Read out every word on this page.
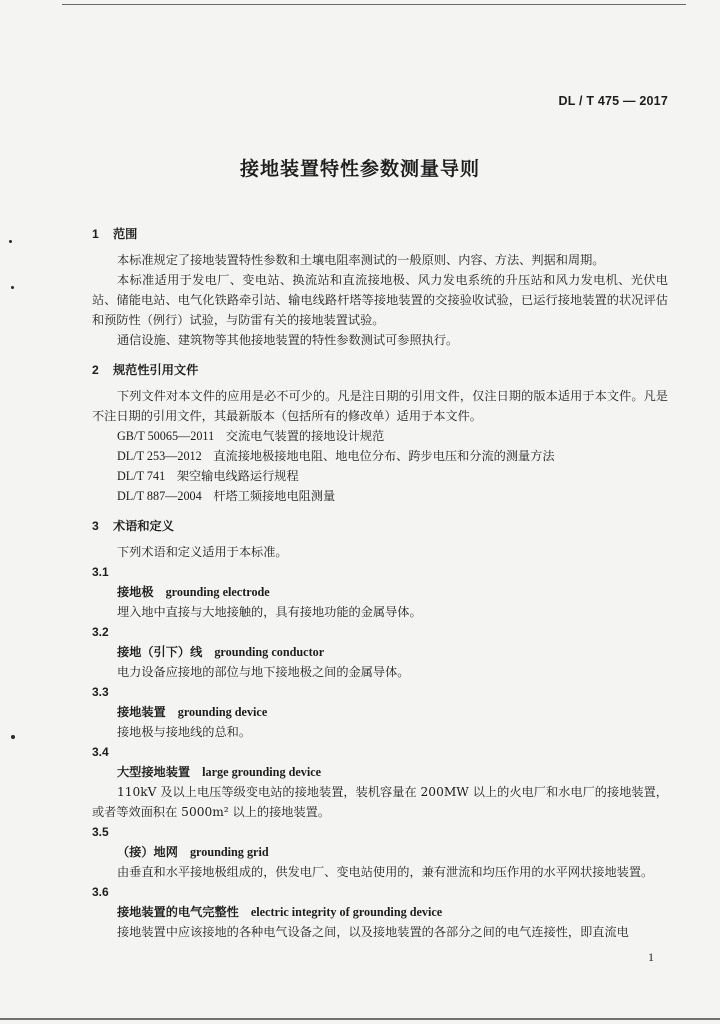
DL / T 475 — 2017
接地装置特性参数测量导则
1 范围

本标准规定了接地装置特性参数和土壤电阻率测试的一般原则、内容、方法、判据和周期。

本标准适用于发电厂、变电站、换流站和直流接地极、风力发电系统的升压站和风力发电机、光伏电站、储能电站、电气化铁路牵引站、输电线路杆塔等接地装置的交接验收试验，已运行接地装置的状况评估和预防性（例行）试验，与防雷有关的接地装置试验。

通信设施、建筑物等其他接地装置的特性参数测试可参照执行。

2 规范性引用文件

下列文件对本文件的应用是必不可少的。凡是注日期的引用文件，仅注日期的版本适用于本文件。凡是不注日期的引用文件，其最新版本（包括所有的修改单）适用于本文件。

GB/T 50065—2011 交流电气装置的接地设计规范

DL/T 253—2012 直流接地极接地电阻、地电位分布、跨步电压和分流的测量方法

DL/T 741 架空输电线路运行规程

DL/T 887—2004 杆塔工频接地电阻测量

3 术语和定义

下列术语和定义适用于本标准。

3.1

接地极 grounding electrode

埋入地中直接与大地接触的，具有接地功能的金属导体。

3.2

接地（引下）线 grounding conductor

电力设备应接地的部位与地下接地极之间的金属导体。

3.3

接地装置 grounding device

接地极与接地线的总和。

3.4

大型接地装置 large grounding device

110kV 及以上电压等级变电站的接地装置，装机容量在 200MW 以上的火电厂和水电厂的接地装置，或者等效面积在 5000m² 以上的接地装置。

3.5

（接）地网 grounding grid

由垂直和水平接地极组成的，供发电厂、变电站使用的，兼有泄流和均压作用的水平网状接地装置。

3.6

接地装置的电气完整性 electric integrity of grounding device

接地装置中应该接地的各种电气设备之间，以及接地装置的各部分之间的电气连接性，即直流电

1
